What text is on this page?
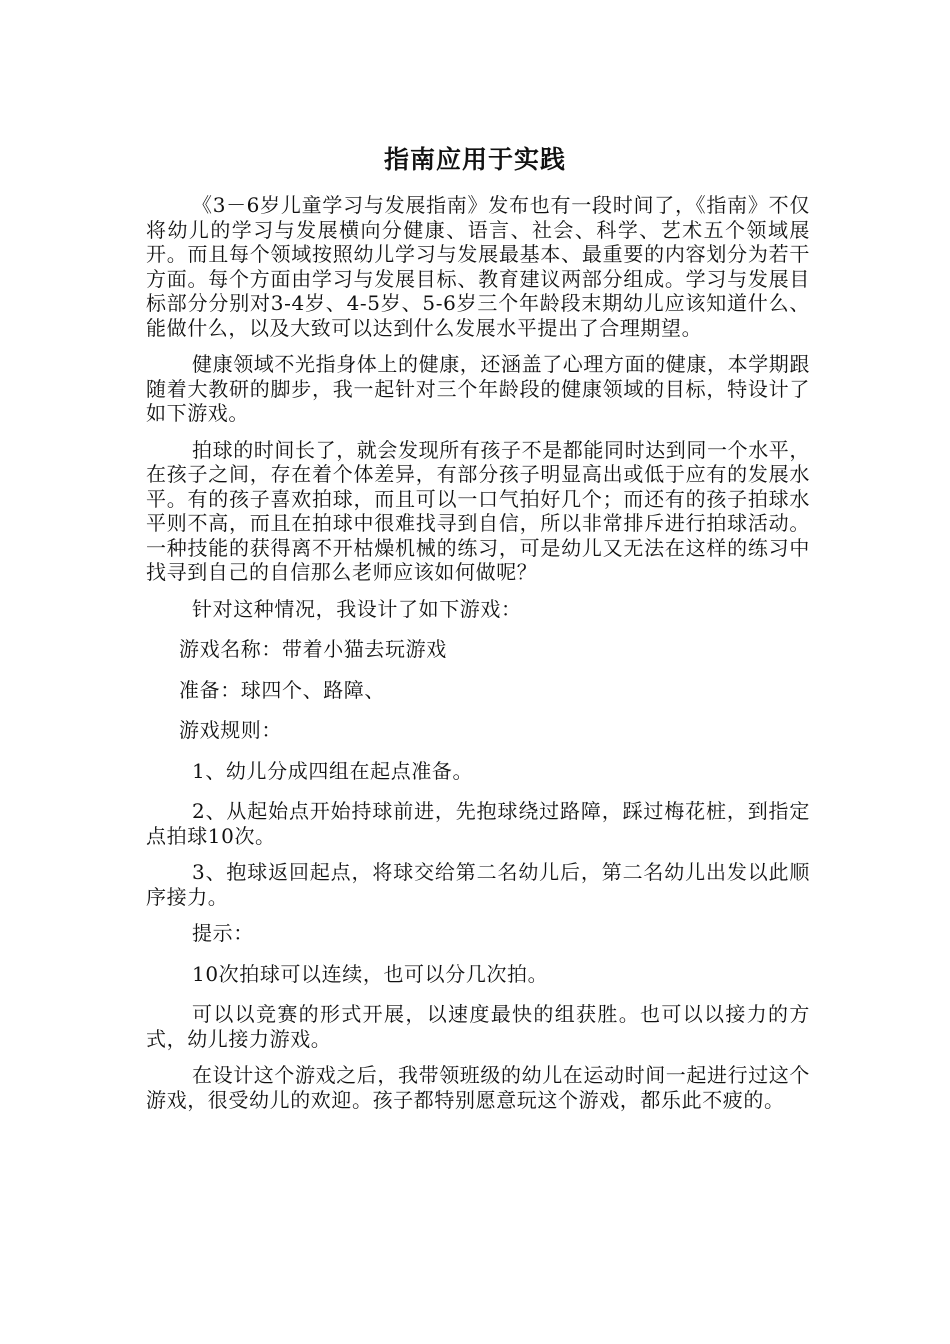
指南应用于实践

《3－6岁儿童学习与发展指南》发布也有一段时间了，《指南》不仅将幼儿的学习与发展横向分健康、语言、社会、科学、艺术五个领域展开。而且每个领域按照幼儿学习与发展最基本、最重要的内容划分为若干方面。每个方面由学习与发展目标、教育建议两部分组成。学习与发展目标部分分别对3-4岁、4-5岁、5-6岁三个年龄段末期幼儿应该知道什么、能做什么，以及大致可以达到什么发展水平提出了合理期望。

健康领域不光指身体上的健康，还涵盖了心理方面的健康，本学期跟随着大教研的脚步，我一起针对三个年龄段的健康领域的目标，特设计了如下游戏。

拍球的时间长了，就会发现所有孩子不是都能同时达到同一个水平，在孩子之间，存在着个体差异，有部分孩子明显高出或低于应有的发展水平。有的孩子喜欢拍球，而且可以一口气拍好几个；而还有的孩子拍球水平则不高，而且在拍球中很难找寻到自信，所以非常排斥进行拍球活动。一种技能的获得离不开枯燥机械的练习，可是幼儿又无法在这样的练习中找寻到自己的自信那么老师应该如何做呢？

针对这种情况，我设计了如下游戏：

游戏名称：带着小猫去玩游戏

准备：球四个、路障、

游戏规则：

1、幼儿分成四组在起点准备。

2、从起始点开始持球前进，先抱球绕过路障，踩过梅花桩，到指定点拍球10次。

3、抱球返回起点，将球交给第二名幼儿后，第二名幼儿出发以此顺序接力。

提示：

10次拍球可以连续，也可以分几次拍。

可以以竞赛的形式开展，以速度最快的组获胜。也可以以接力的方式，幼儿接力游戏。

在设计这个游戏之后，我带领班级的幼儿在运动时间一起进行过这个游戏，很受幼儿的欢迎。孩子都特别愿意玩这个游戏，都乐此不疲的。
